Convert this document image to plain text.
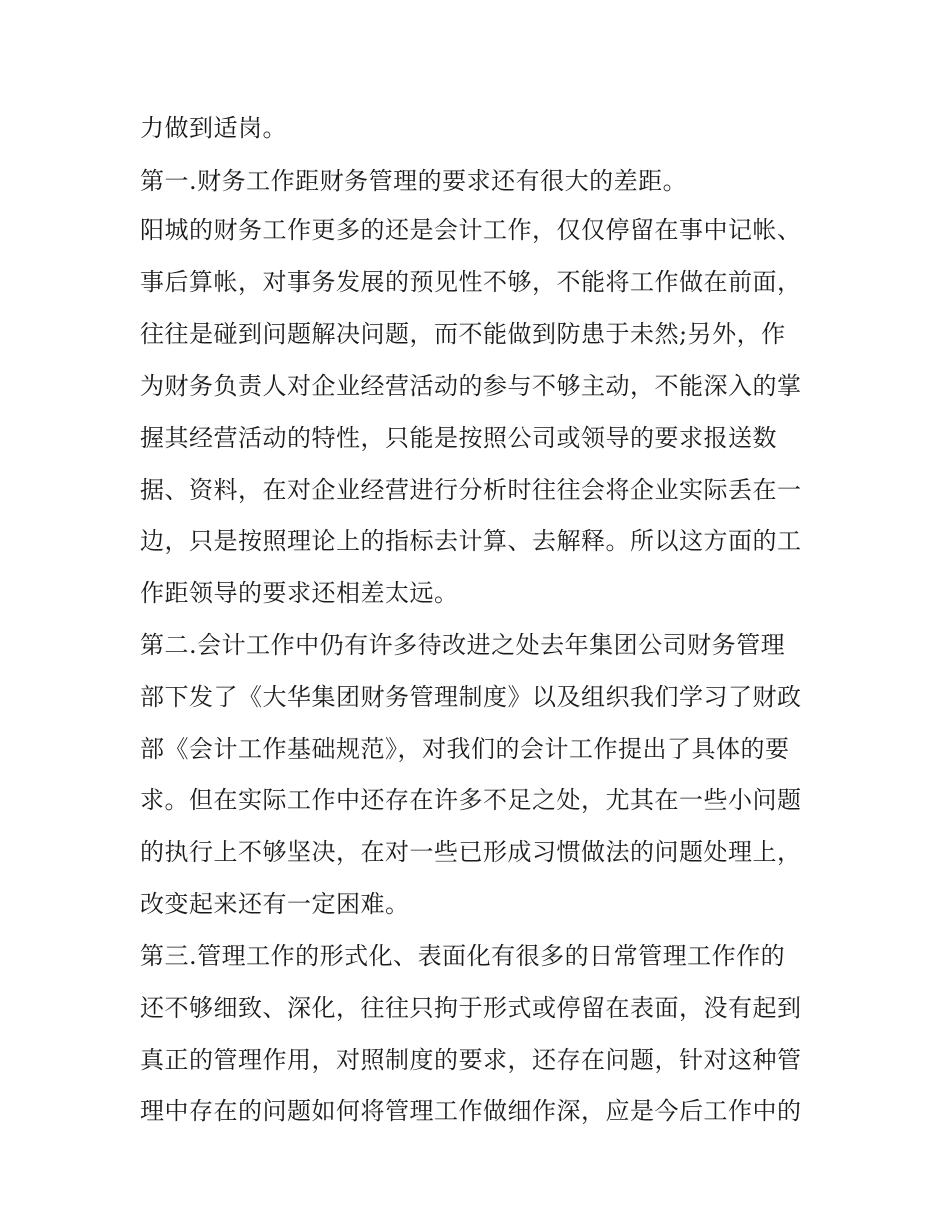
力做到适岗。
第一.财务工作距财务管理的要求还有很大的差距。
阳城的财务工作更多的还是会计工作，仅仅停留在事中记帐、
事后算帐，对事务发展的预见性不够，不能将工作做在前面，
往往是碰到问题解决问题，而不能做到防患于未然;另外，作
为财务负责人对企业经营活动的参与不够主动，不能深入的掌
握其经营活动的特性，只能是按照公司或领导的要求报送数
据、资料，在对企业经营进行分析时往往会将企业实际丢在一
边，只是按照理论上的指标去计算、去解释。所以这方面的工
作距领导的要求还相差太远。
第二.会计工作中仍有许多待改进之处去年集团公司财务管理
部下发了《大华集团财务管理制度》以及组织我们学习了财政
部《会计工作基础规范》，对我们的会计工作提出了具体的要
求。但在实际工作中还存在许多不足之处，尤其在一些小问题
的执行上不够坚决，在对一些已形成习惯做法的问题处理上，
改变起来还有一定困难。
第三.管理工作的形式化、表面化有很多的日常管理工作作的
还不够细致、深化，往往只拘于形式或停留在表面，没有起到
真正的管理作用，对照制度的要求，还存在问题，针对这种管
理中存在的问题如何将管理工作做细作深，应是今后工作中的
